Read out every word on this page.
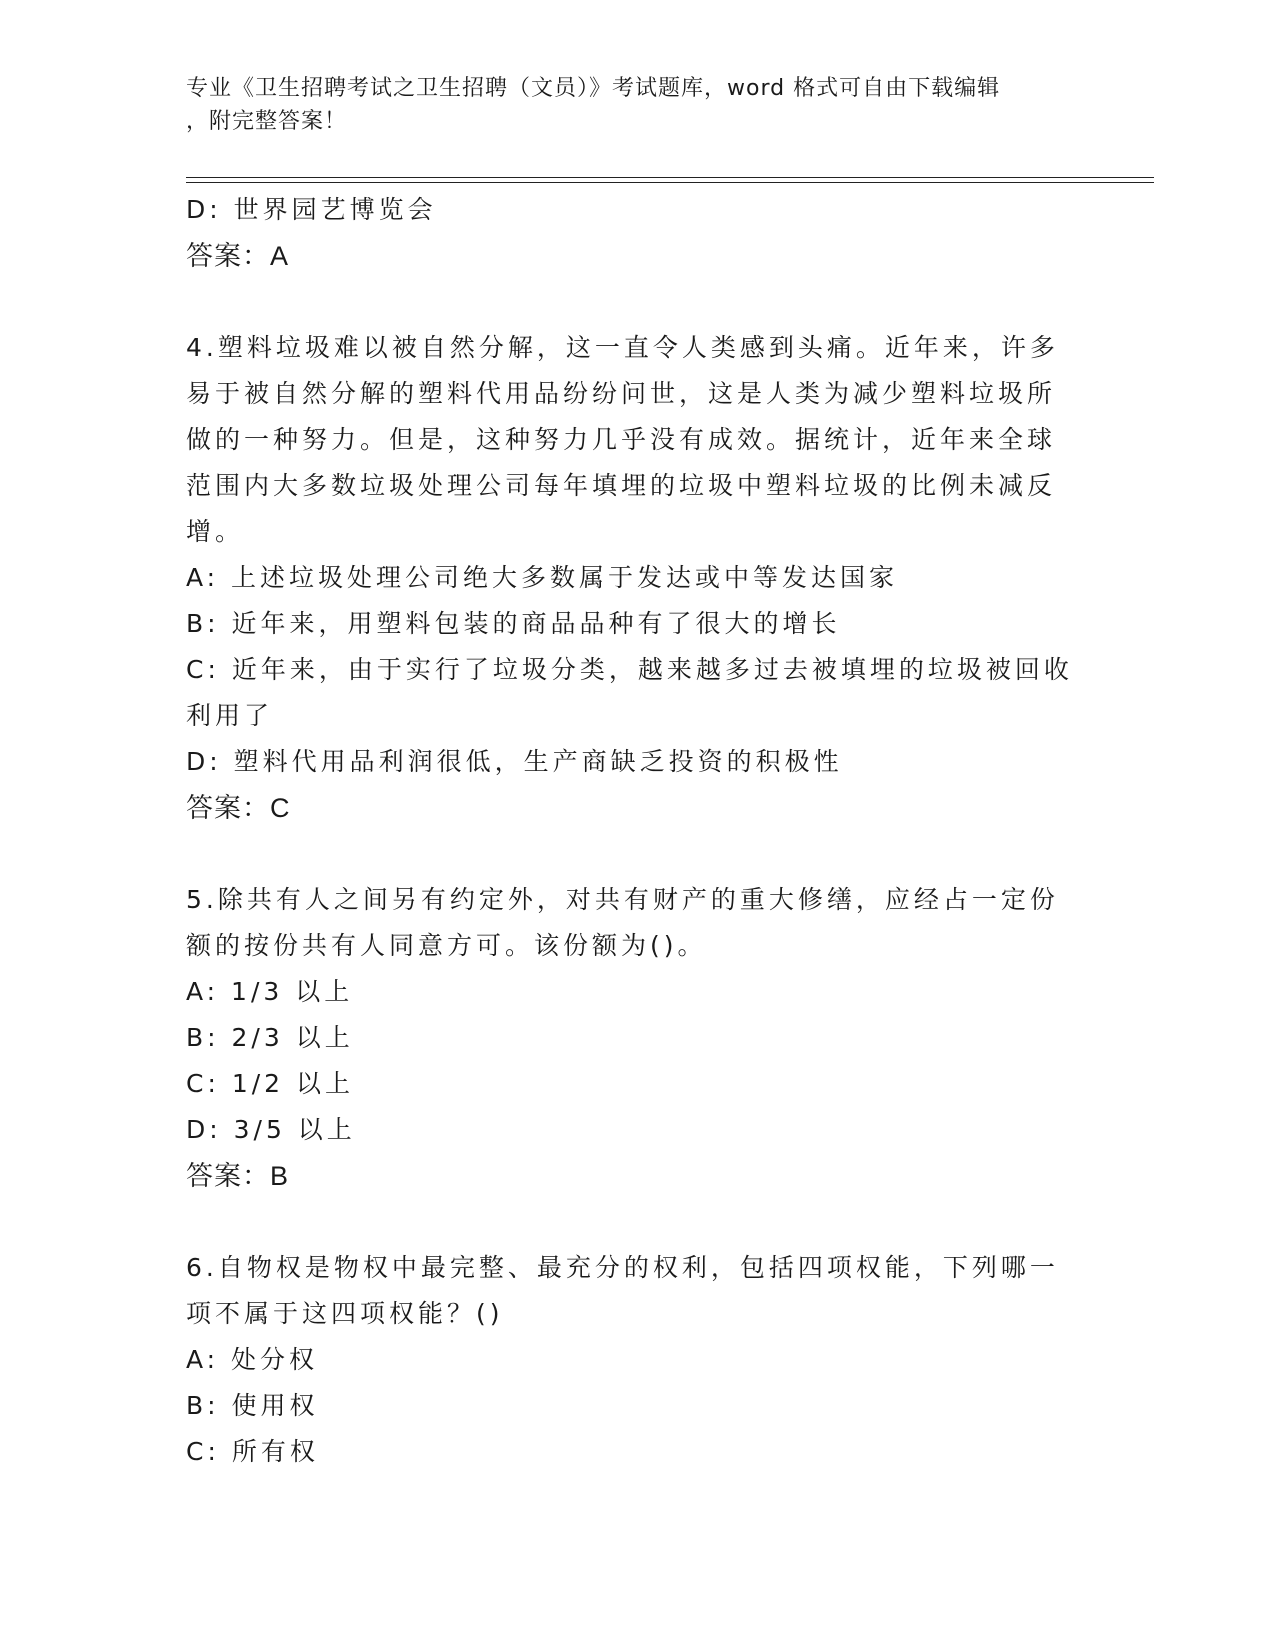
专业《卫生招聘考试之卫生招聘（文员）》考试题库，word 格式可自由下载编辑
，附完整答案！
D: 世界园艺博览会
答案：A
4.塑料垃圾难以被自然分解，这一直令人类感到头痛。近年来，许多
易于被自然分解的塑料代用品纷纷问世，这是人类为减少塑料垃圾所
做的一种努力。但是，这种努力几乎没有成效。据统计，近年来全球
范围内大多数垃圾处理公司每年填埋的垃圾中塑料垃圾的比例未减反
增。
A: 上述垃圾处理公司绝大多数属于发达或中等发达国家
B: 近年来，用塑料包装的商品品种有了很大的增长
C: 近年来，由于实行了垃圾分类，越来越多过去被填埋的垃圾被回收
利用了
D: 塑料代用品利润很低，生产商缺乏投资的积极性
答案：C
5.除共有人之间另有约定外，对共有财产的重大修缮，应经占一定份
额的按份共有人同意方可。该份额为()。
A: 1/3 以上
B: 2/3 以上
C: 1/2 以上
D: 3/5 以上
答案：B
6.自物权是物权中最完整、最充分的权利，包括四项权能，下列哪一
项不属于这四项权能？()
A: 处分权
B: 使用权
C: 所有权
